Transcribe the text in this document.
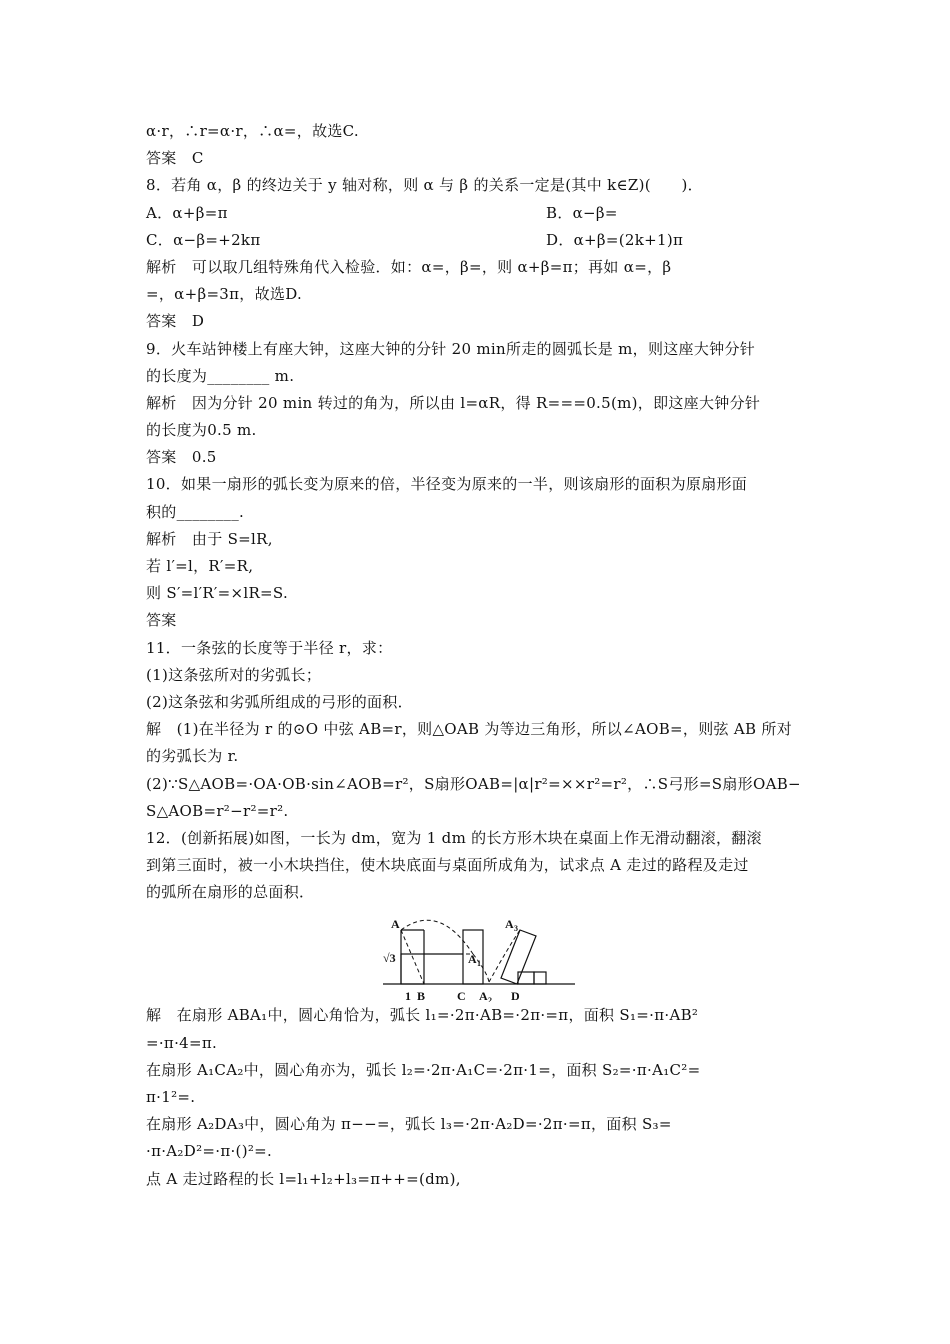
α·r，∴r=α·r，∴α=，故选C.
答案　C
8．若角 α，β 的终边关于 y 轴对称，则 α 与 β 的关系一定是(其中 k∈Z)(　　)．
A．α+β=π	B．α−β=
C．α−β=+2kπ	D．α+β=(2k+1)π
解析　可以取几组特殊角代入检验．如：α=，β=，则 α+β=π；再如 α=，β
=，α+β=3π，故选D.
答案　D
9．火车站钟楼上有座大钟，这座大钟的分针 20 min所走的圆弧长是 m，则这座大钟分针
的长度为________ m.
解析　因为分针 20 min 转过的角为，所以由 l=αR，得 R===0.5(m)，即这座大钟分针
的长度为0.5 m.
答案　0.5
10．如果一扇形的弧长变为原来的倍，半径变为原来的一半，则该扇形的面积为原扇形面
积的________.
解析　由于 S=lR,
若 l′=l，R′=R,
则 S′=l′R′=×lR=S.
答案
11．一条弦的长度等于半径 r，求：
(1)这条弦所对的劣弧长；
(2)这条弦和劣弧所组成的弓形的面积．
解　(1)在半径为 r 的⊙O 中弦 AB=r，则△OAB 为等边三角形，所以∠AOB=，则弦 AB 所对
的劣弧长为 r.
(2)∵S△AOB=·OA·OB·sin∠AOB=r²，S扇形OAB=|α|r²=××r²=r²，∴S弓形=S扇形OAB−
S△AOB=r²−r²=r².
12．(创新拓展)如图，一长为 dm，宽为 1 dm 的长方形木块在桌面上作无滑动翻滚，翻滚
到第三面时，被一小木块挡住，使木块底面与桌面所成角为，试求点 A 走过的路程及走过
的弧所在扇形的总面积．
A
√3
1 B	C
A 1
A 2
A 3
D
解　在扇形 ABA₁中，圆心角恰为，弧长 l₁=·2π·AB=·2π·=π，面积 S₁=·π·AB²
=·π·4=π.
在扇形 A₁CA₂中，圆心角亦为，弧长 l₂=·2π·A₁C=·2π·1=，面积 S₂=·π·A₁C²=
π·1²=.
在扇形 A₂DA₃中，圆心角为 π−−=，弧长 l₃=·2π·A₂D=·2π·=π，面积 S₃=
·π·A₂D²=·π·()²=.
点 A 走过路程的长 l=l₁+l₂+l₃=π++=(dm),
